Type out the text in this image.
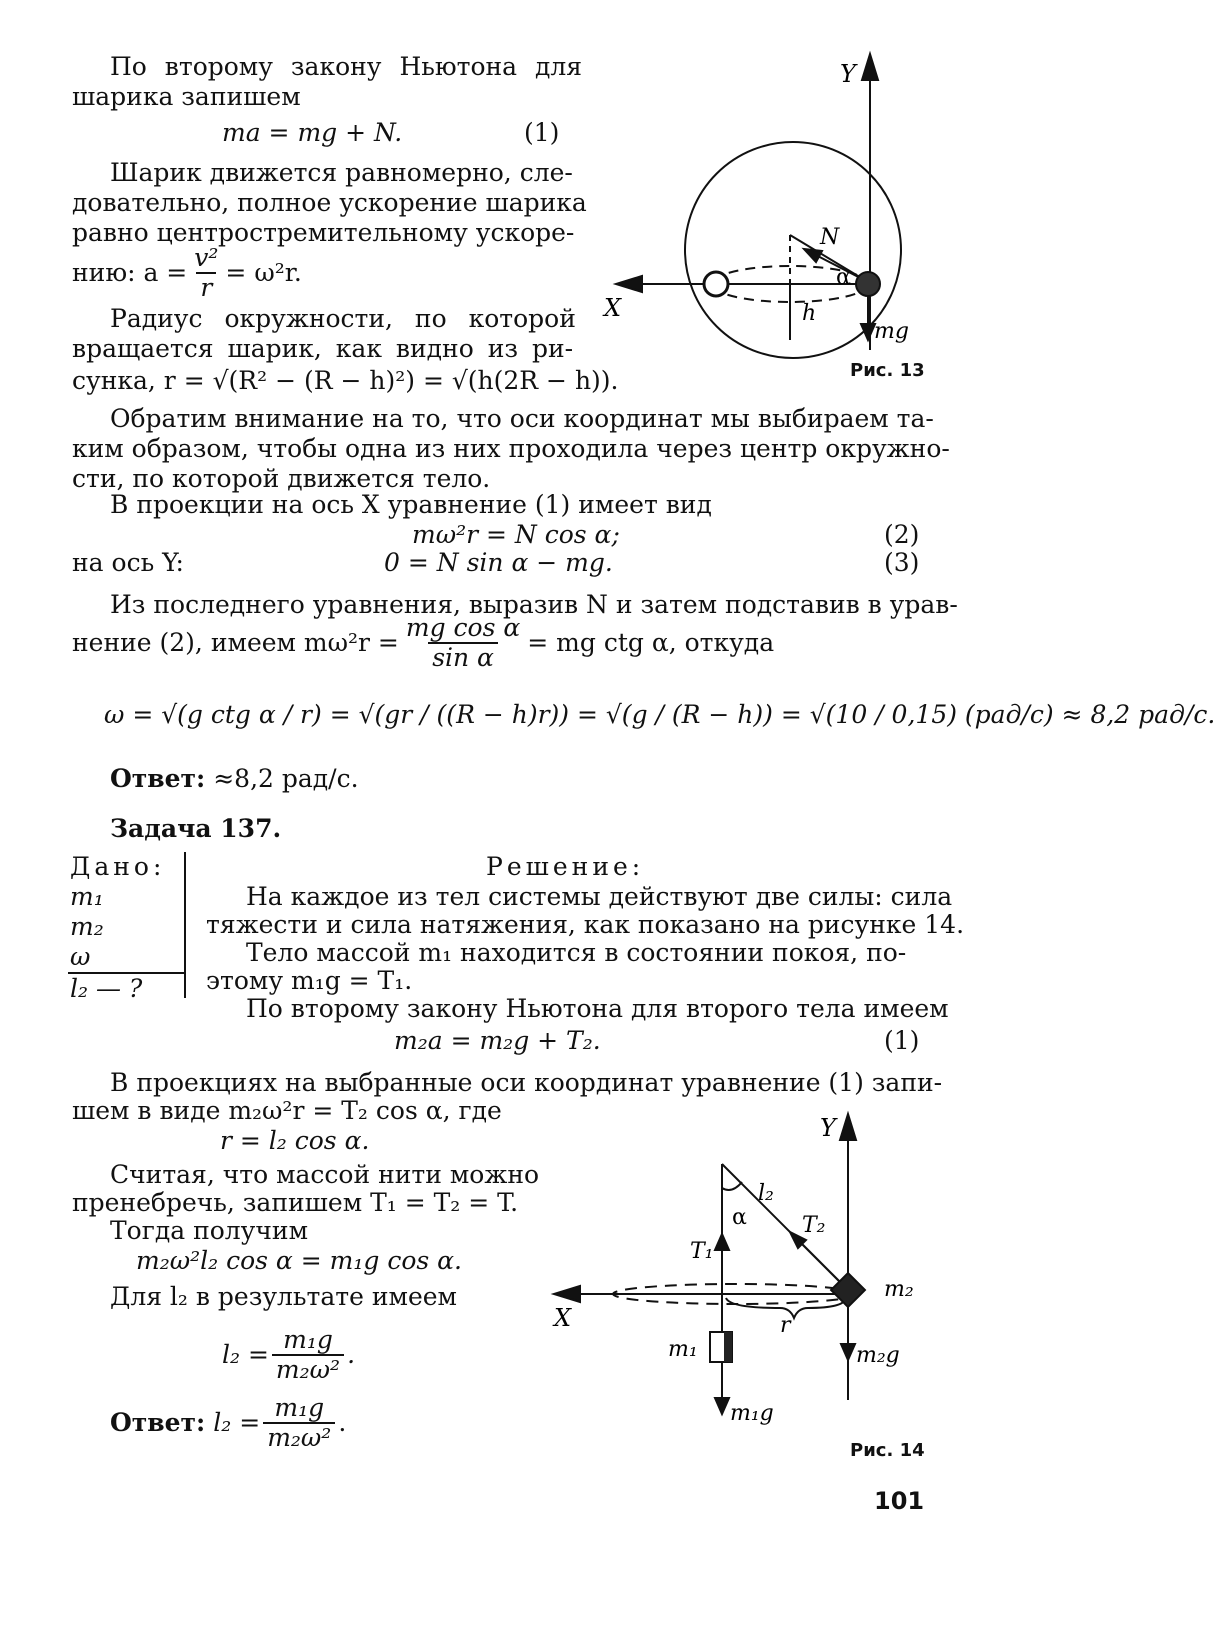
По второму закону Ньютона для
шарика запишем
ma = mg + N.	(1)
Шарик движется равномерно, сле-
довательно, полное ускорение шарика
равно центростремительному ускоре-
нию: $a = \frac{\text{v²}}{r} = \omega^2r$.
Радиус окружности, по которой
вращается шарик, как видно из ри-
сунка, r = √(R² − (R − h)²) = √(h(2R − h)).
Y
X
N
α
h
mg
Рис. 13
Обратим внимание на то, что оси координат мы выбираем та-
ким образом, чтобы одна из них проходила через центр окружно-
сти, по которой движется тело.
В проекции на ось X уравнение (1) имеет вид
mω²r = N cos α;	(2)
на ось Y:	0 = N sin α − mg.	(3)
Из последнего уравнения, выразив N и затем подставив в урав-
нение (2), имеем $m\omega^2r = \frac{\text{mg cos α}}{\text{sin α}}$ = mg ctg α, откуда
ω = √(g ctg α / r) = √(gr / ((R − h)r)) = √(g / (R − h)) = √(10 / 0,15) (рад/с) ≈ 8,2 рад/с.
Ответ: ≈8,2 рад/с.
Задача 137.
Дано:
m₁
m₂
ω
l₂ — ?
Решение:
На каждое из тел системы действуют две силы: сила
тяжести и сила натяжения, как показано на рисунке 14.
Тело массой m₁ находится в состоянии покоя, по-
этому m₁g = T₁.
По второму закону Ньютона для второго тела имеем
m₂a = m₂g + T₂.	(1)
В проекциях на выбранные оси координат уравнение (1) запи-
шем в виде m₂ω²r = T₂ cos α, где
r = l₂ cos α.
Считая, что массой нити можно
пренебречь, запишем T₁ = T₂ = T.
Тогда получим
m₂ω²l₂ cos α = m₁g cos α.
Для l₂ в результате имеем
$l_2 = \frac{\text{m₁g}}{\text{m₂ω²}}$ .
Ответ: $l_2 = \frac{\text{m₁g}}{\text{m₂ω²}}$ .
Y
X
l₂
α	T₂
T₁
m₂
r
m₁	m₂g
m₁g
Рис. 14
101
